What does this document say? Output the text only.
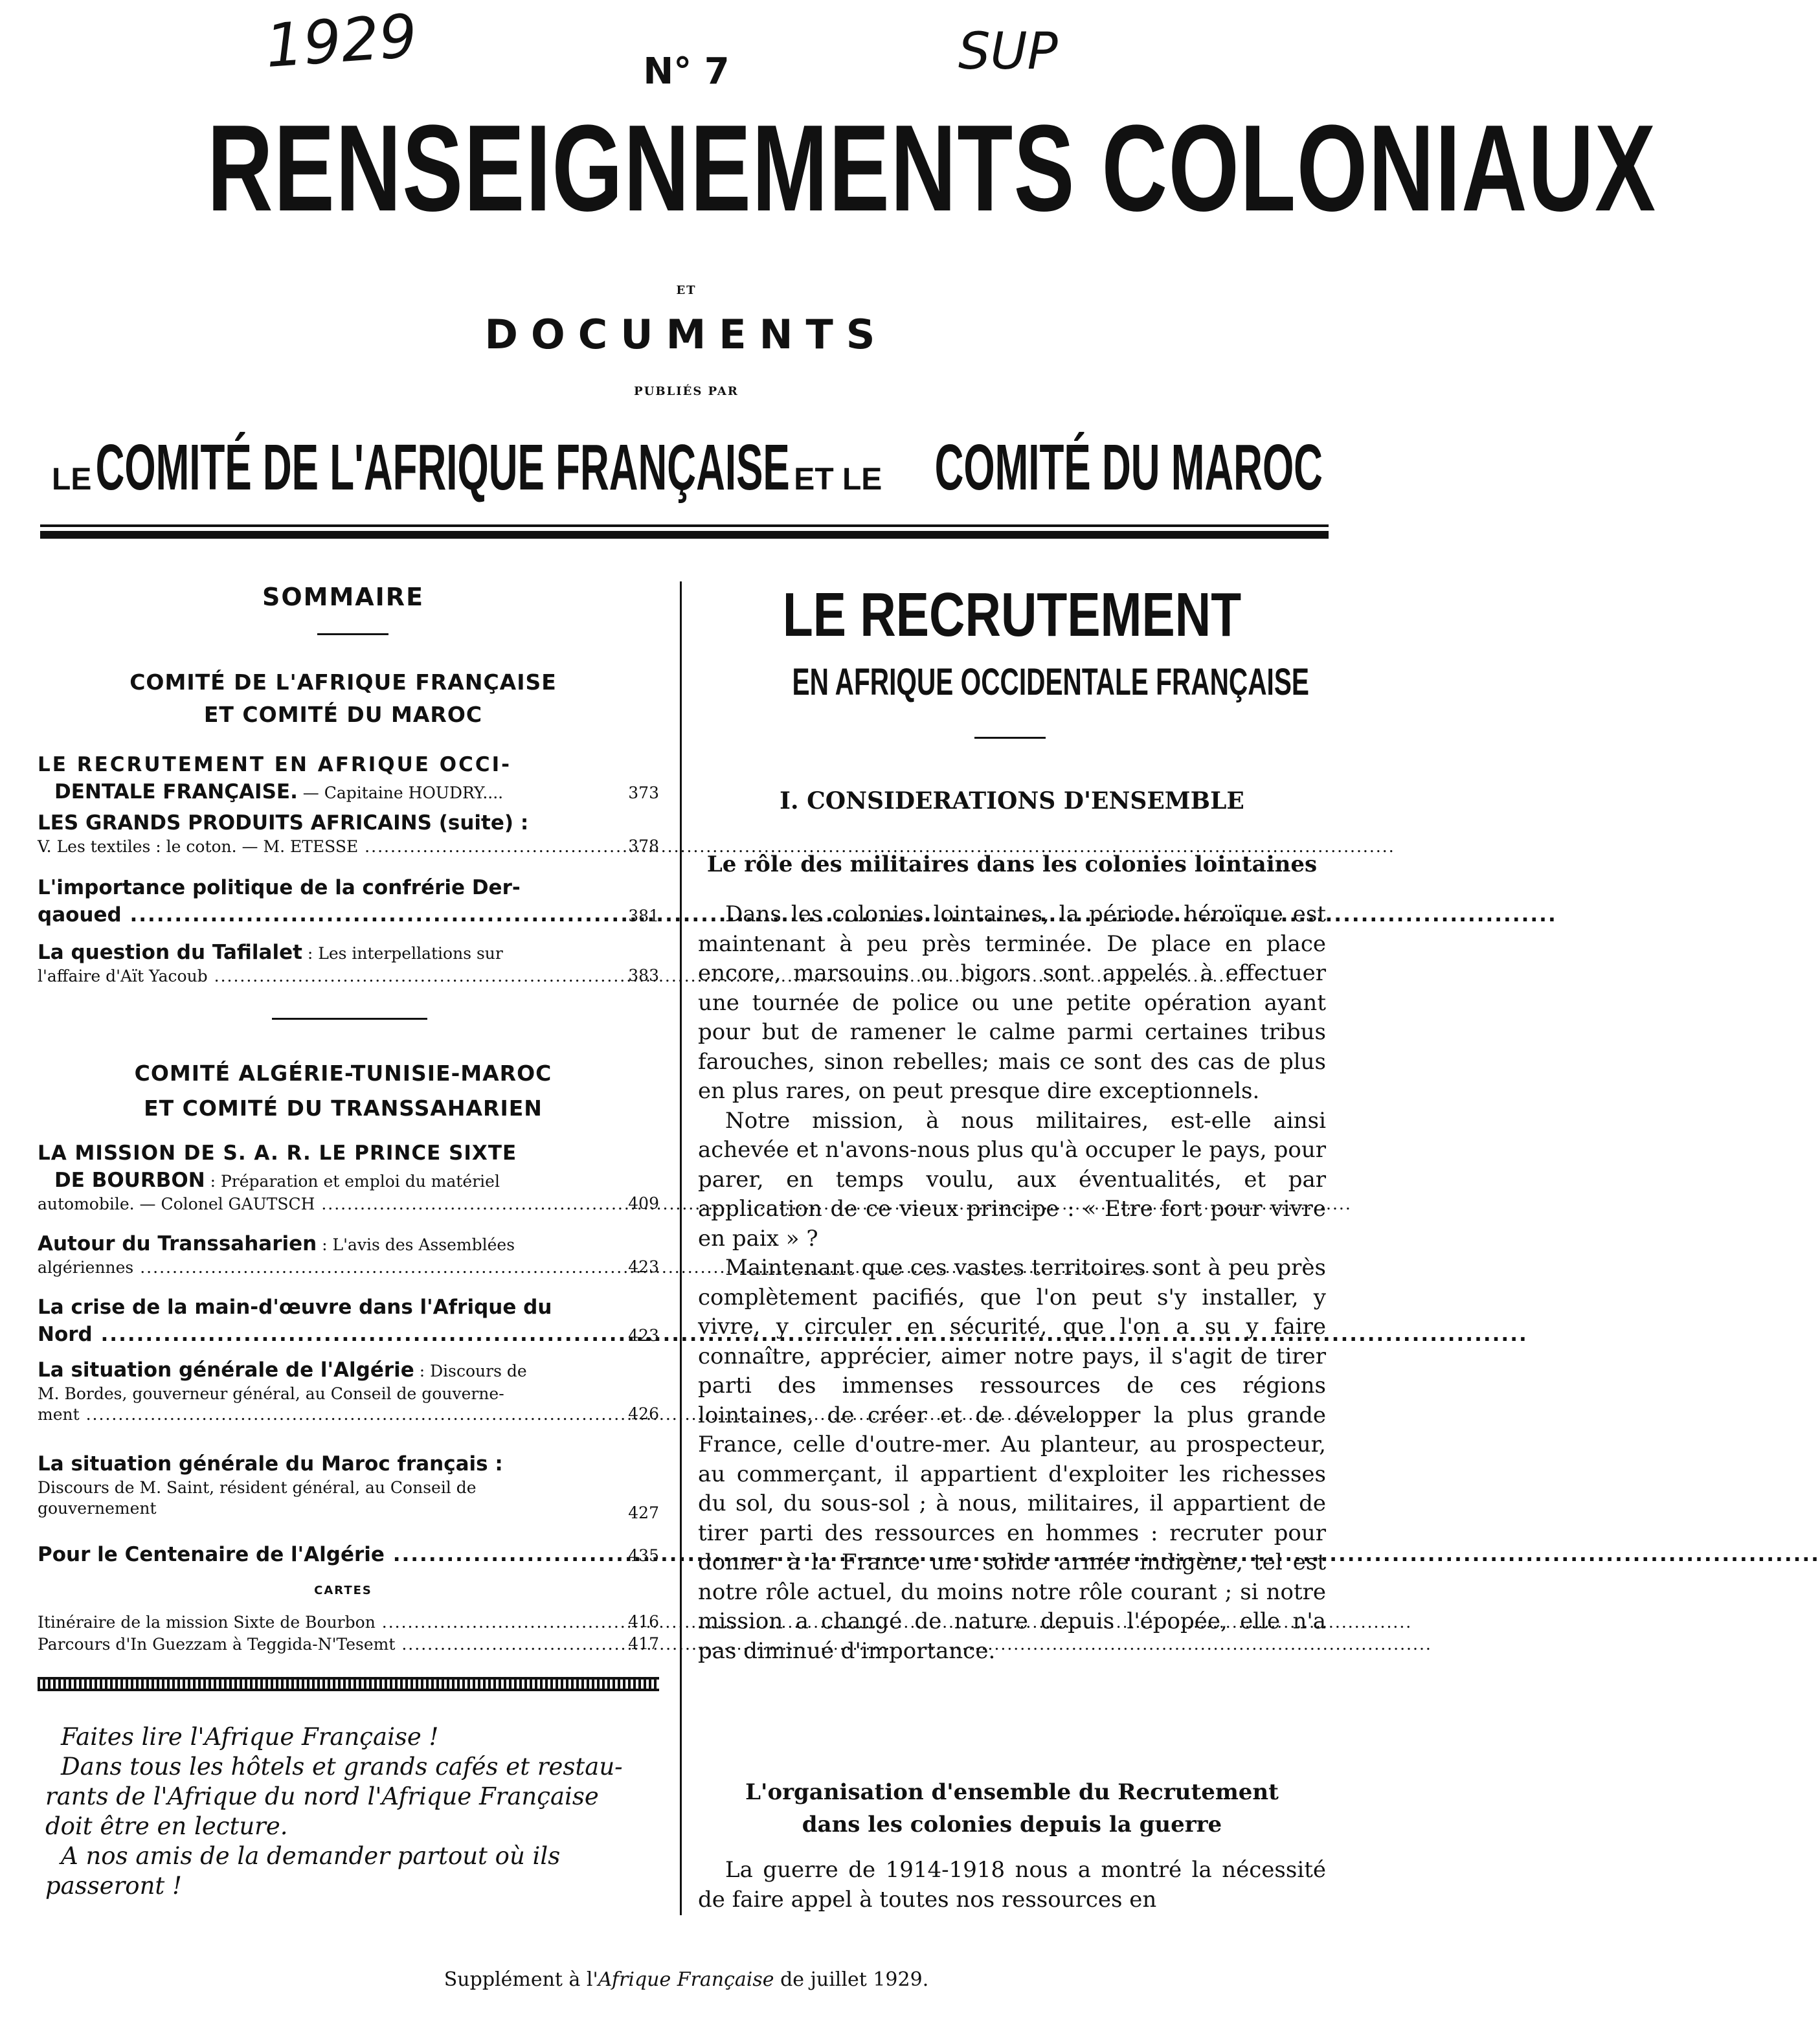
1929	SUP
N° 7
RENSEIGNEMENTS COLONIAUX
ET
DOCUMENTS
PUBLIÉS PAR
LE COMITÉ DE L'AFRIQUE FRANÇAISE ET LE COMITÉ DU MAROC
SOMMAIRE
COMITÉ DE L'AFRIQUE FRANÇAISE
ET COMITÉ DU MAROC
LE RECRUTEMENT EN AFRIQUE OCCI-
DENTALE FRANÇAISE. — Capitaine HOUDRY....	373
LES GRANDS PRODUITS AFRICAINS (suite) :
V. Les textiles : le coton. — M. ETESSE .....	378
L'importance politique de la confrérie Der-
qaoued .....	381
La question du Tafilalet : Les interpellations sur
l'affaire d'Aït Yacoub .....	383
COMITÉ ALGÉRIE-TUNISIE-MAROC
ET COMITÉ DU TRANSSAHARIEN
LA MISSION DE S. A. R. LE PRINCE SIXTE
DE BOURBON : Préparation et emploi du matériel
automobile. — Colonel GAUTSCH .....	409
Autour du Transsaharien : L'avis des Assemblées
algériennes .....	423
La crise de la main-d'œuvre dans l'Afrique du
Nord .....	423
La situation générale de l'Algérie : Discours de
M. Bordes, gouverneur général, au Conseil de gouverne-
ment .....	426
La situation générale du Maroc français :
Discours de M. Saint, résident général, au Conseil de
gouvernement	427
Pour le Centenaire de l'Algérie .....	435
CARTES
Itinéraire de la mission Sixte de Bourbon .....	416
Parcours d'In Guezzam à Teggida-N'Tesemt .....	417
Faites lire l'Afrique Française !
Dans tous les hôtels et grands cafés et restau-
rants de l'Afrique du nord l'Afrique Française
doit être en lecture.
A nos amis de la demander partout où ils
passeront !
LE RECRUTEMENT
EN AFRIQUE OCCIDENTALE FRANÇAISE
I. CONSIDERATIONS D'ENSEMBLE
Le rôle des militaires dans les colonies lointaines

Dans les colonies lointaines, la période héroïque est maintenant à peu près terminée. De place en place encore, marsouins ou bigors sont appelés à effectuer une tournée de police ou une petite opération ayant pour but de ramener le calme parmi certaines tribus farouches, sinon rebelles; mais ce sont des cas de plus en plus rares, on peut presque dire exceptionnels.

Notre mission, à nous militaires, est-elle ainsi achevée et n'avons-nous plus qu'à occuper le pays, pour parer, en temps voulu, aux éventualités, et par application de ce vieux principe : « Etre fort pour vivre en paix » ?

Maintenant que ces vastes territoires sont à peu près complètement pacifiés, que l'on peut s'y installer, y vivre, y circuler en sécurité, que l'on a su y faire connaître, apprécier, aimer notre pays, il s'agit de tirer parti des immenses ressources de ces régions lointaines, de créer et de développer la plus grande France, celle d'outre-mer. Au planteur, au prospecteur, au commerçant, il appartient d'exploiter les richesses du sol, du sous-sol ; à nous, militaires, il appartient de tirer parti des ressources en hommes : recruter pour donner à la France une solide armée indigène, tel est notre rôle actuel, du moins notre rôle courant ; si notre mission a changé de nature depuis l'épopée, elle n'a pas diminué d'importance.

L'organisation d'ensemble du Recrutement
dans les colonies depuis la guerre

La guerre de 1914-1918 nous a montré la nécessité de faire appel à toutes nos ressources en

Supplément à l'Afrique Française de juillet 1929.
